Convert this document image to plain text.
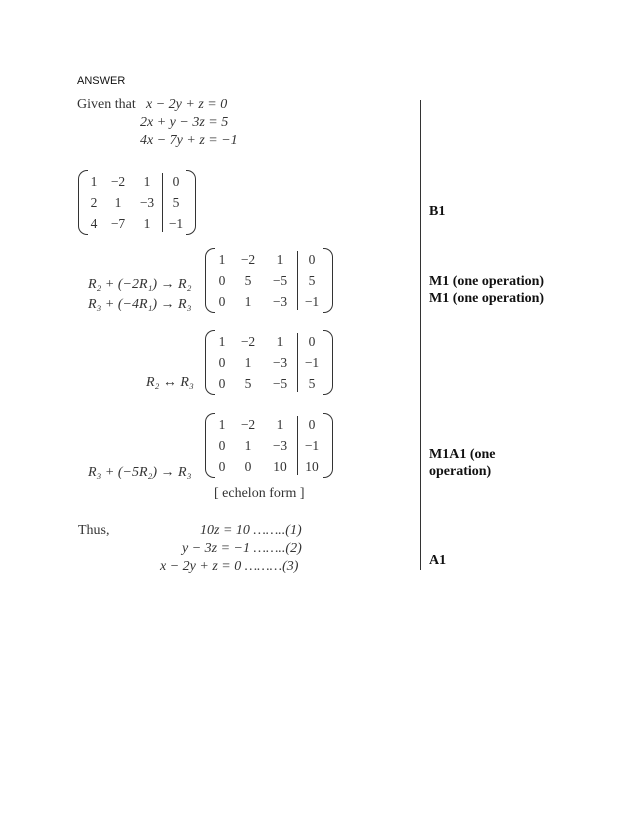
ANSWER
Given that x − 2y + z = 0
2x + y − 3z = 5
4x − 7y + z = −1
1	−2	1	0
2	1	−3	5
4	−7	1	−1
1	−2	1	0
0	5	−5	5
0	1	−3	−1
R₂ + (−2R₁) → R₂
R₃ + (−4R₁) → R₃
1	−2	1	0
0	1	−3	−1
0	5	−5	5
R₂ ↔ R₃
1	−2	1	0
0	1	−3	−1
0	0	10	10
R₃ + (−5R₂) → R₃
[ echelon form ]
Thus,	10z = 10 ……..(1)
y − 3z = −1 ……..(2)
x − 2y + z = 0 ………(3)
B1
M1 (one operation)
M1 (one operation)
M1A1 (one
operation)
A1
